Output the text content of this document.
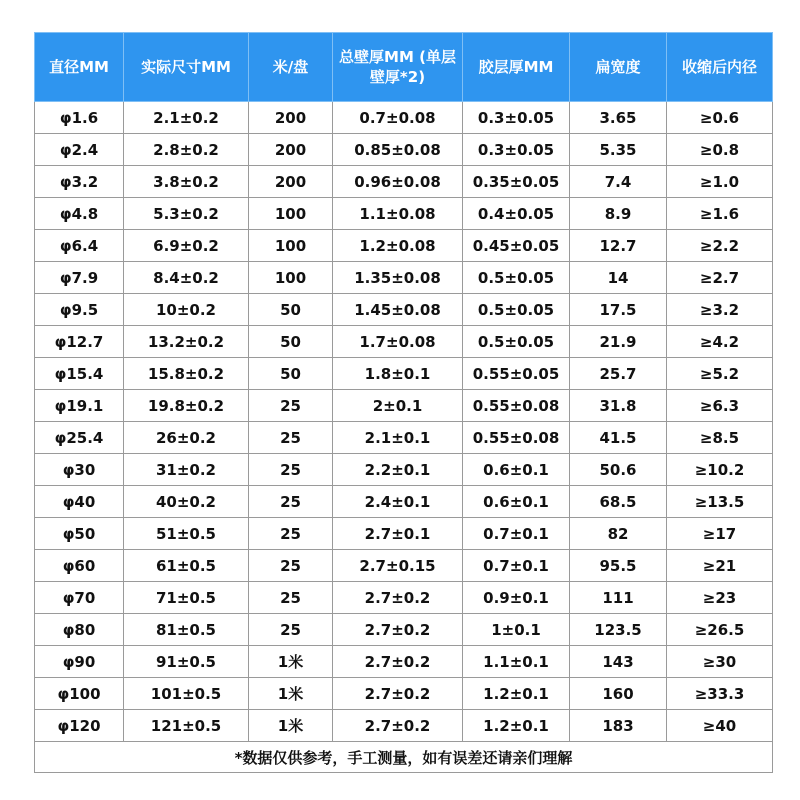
直径MM	实际尺寸MM	米/盘	总壁厚MM (单层壁厚*2)	胶层厚MM	扁宽度	收缩后内径
φ1.6	2.1±0.2	200	0.7±0.08	0.3±0.05	3.65	≥0.6
φ2.4	2.8±0.2	200	0.85±0.08	0.3±0.05	5.35	≥0.8
φ3.2	3.8±0.2	200	0.96±0.08	0.35±0.05	7.4	≥1.0
φ4.8	5.3±0.2	100	1.1±0.08	0.4±0.05	8.9	≥1.6
φ6.4	6.9±0.2	100	1.2±0.08	0.45±0.05	12.7	≥2.2
φ7.9	8.4±0.2	100	1.35±0.08	0.5±0.05	14	≥2.7
φ9.5	10±0.2	50	1.45±0.08	0.5±0.05	17.5	≥3.2
φ12.7	13.2±0.2	50	1.7±0.08	0.5±0.05	21.9	≥4.2
φ15.4	15.8±0.2	50	1.8±0.1	0.55±0.05	25.7	≥5.2
φ19.1	19.8±0.2	25	2±0.1	0.55±0.08	31.8	≥6.3
φ25.4	26±0.2	25	2.1±0.1	0.55±0.08	41.5	≥8.5
φ30	31±0.2	25	2.2±0.1	0.6±0.1	50.6	≥10.2
φ40	40±0.2	25	2.4±0.1	0.6±0.1	68.5	≥13.5
φ50	51±0.5	25	2.7±0.1	0.7±0.1	82	≥17
φ60	61±0.5	25	2.7±0.15	0.7±0.1	95.5	≥21
φ70	71±0.5	25	2.7±0.2	0.9±0.1	111	≥23
φ80	81±0.5	25	2.7±0.2	1±0.1	123.5	≥26.5
φ90	91±0.5	1米	2.7±0.2	1.1±0.1	143	≥30
φ100	101±0.5	1米	2.7±0.2	1.2±0.1	160	≥33.3
φ120	121±0.5	1米	2.7±0.2	1.2±0.1	183	≥40
*数据仅供参考，手工测量，如有误差还请亲们理解						
